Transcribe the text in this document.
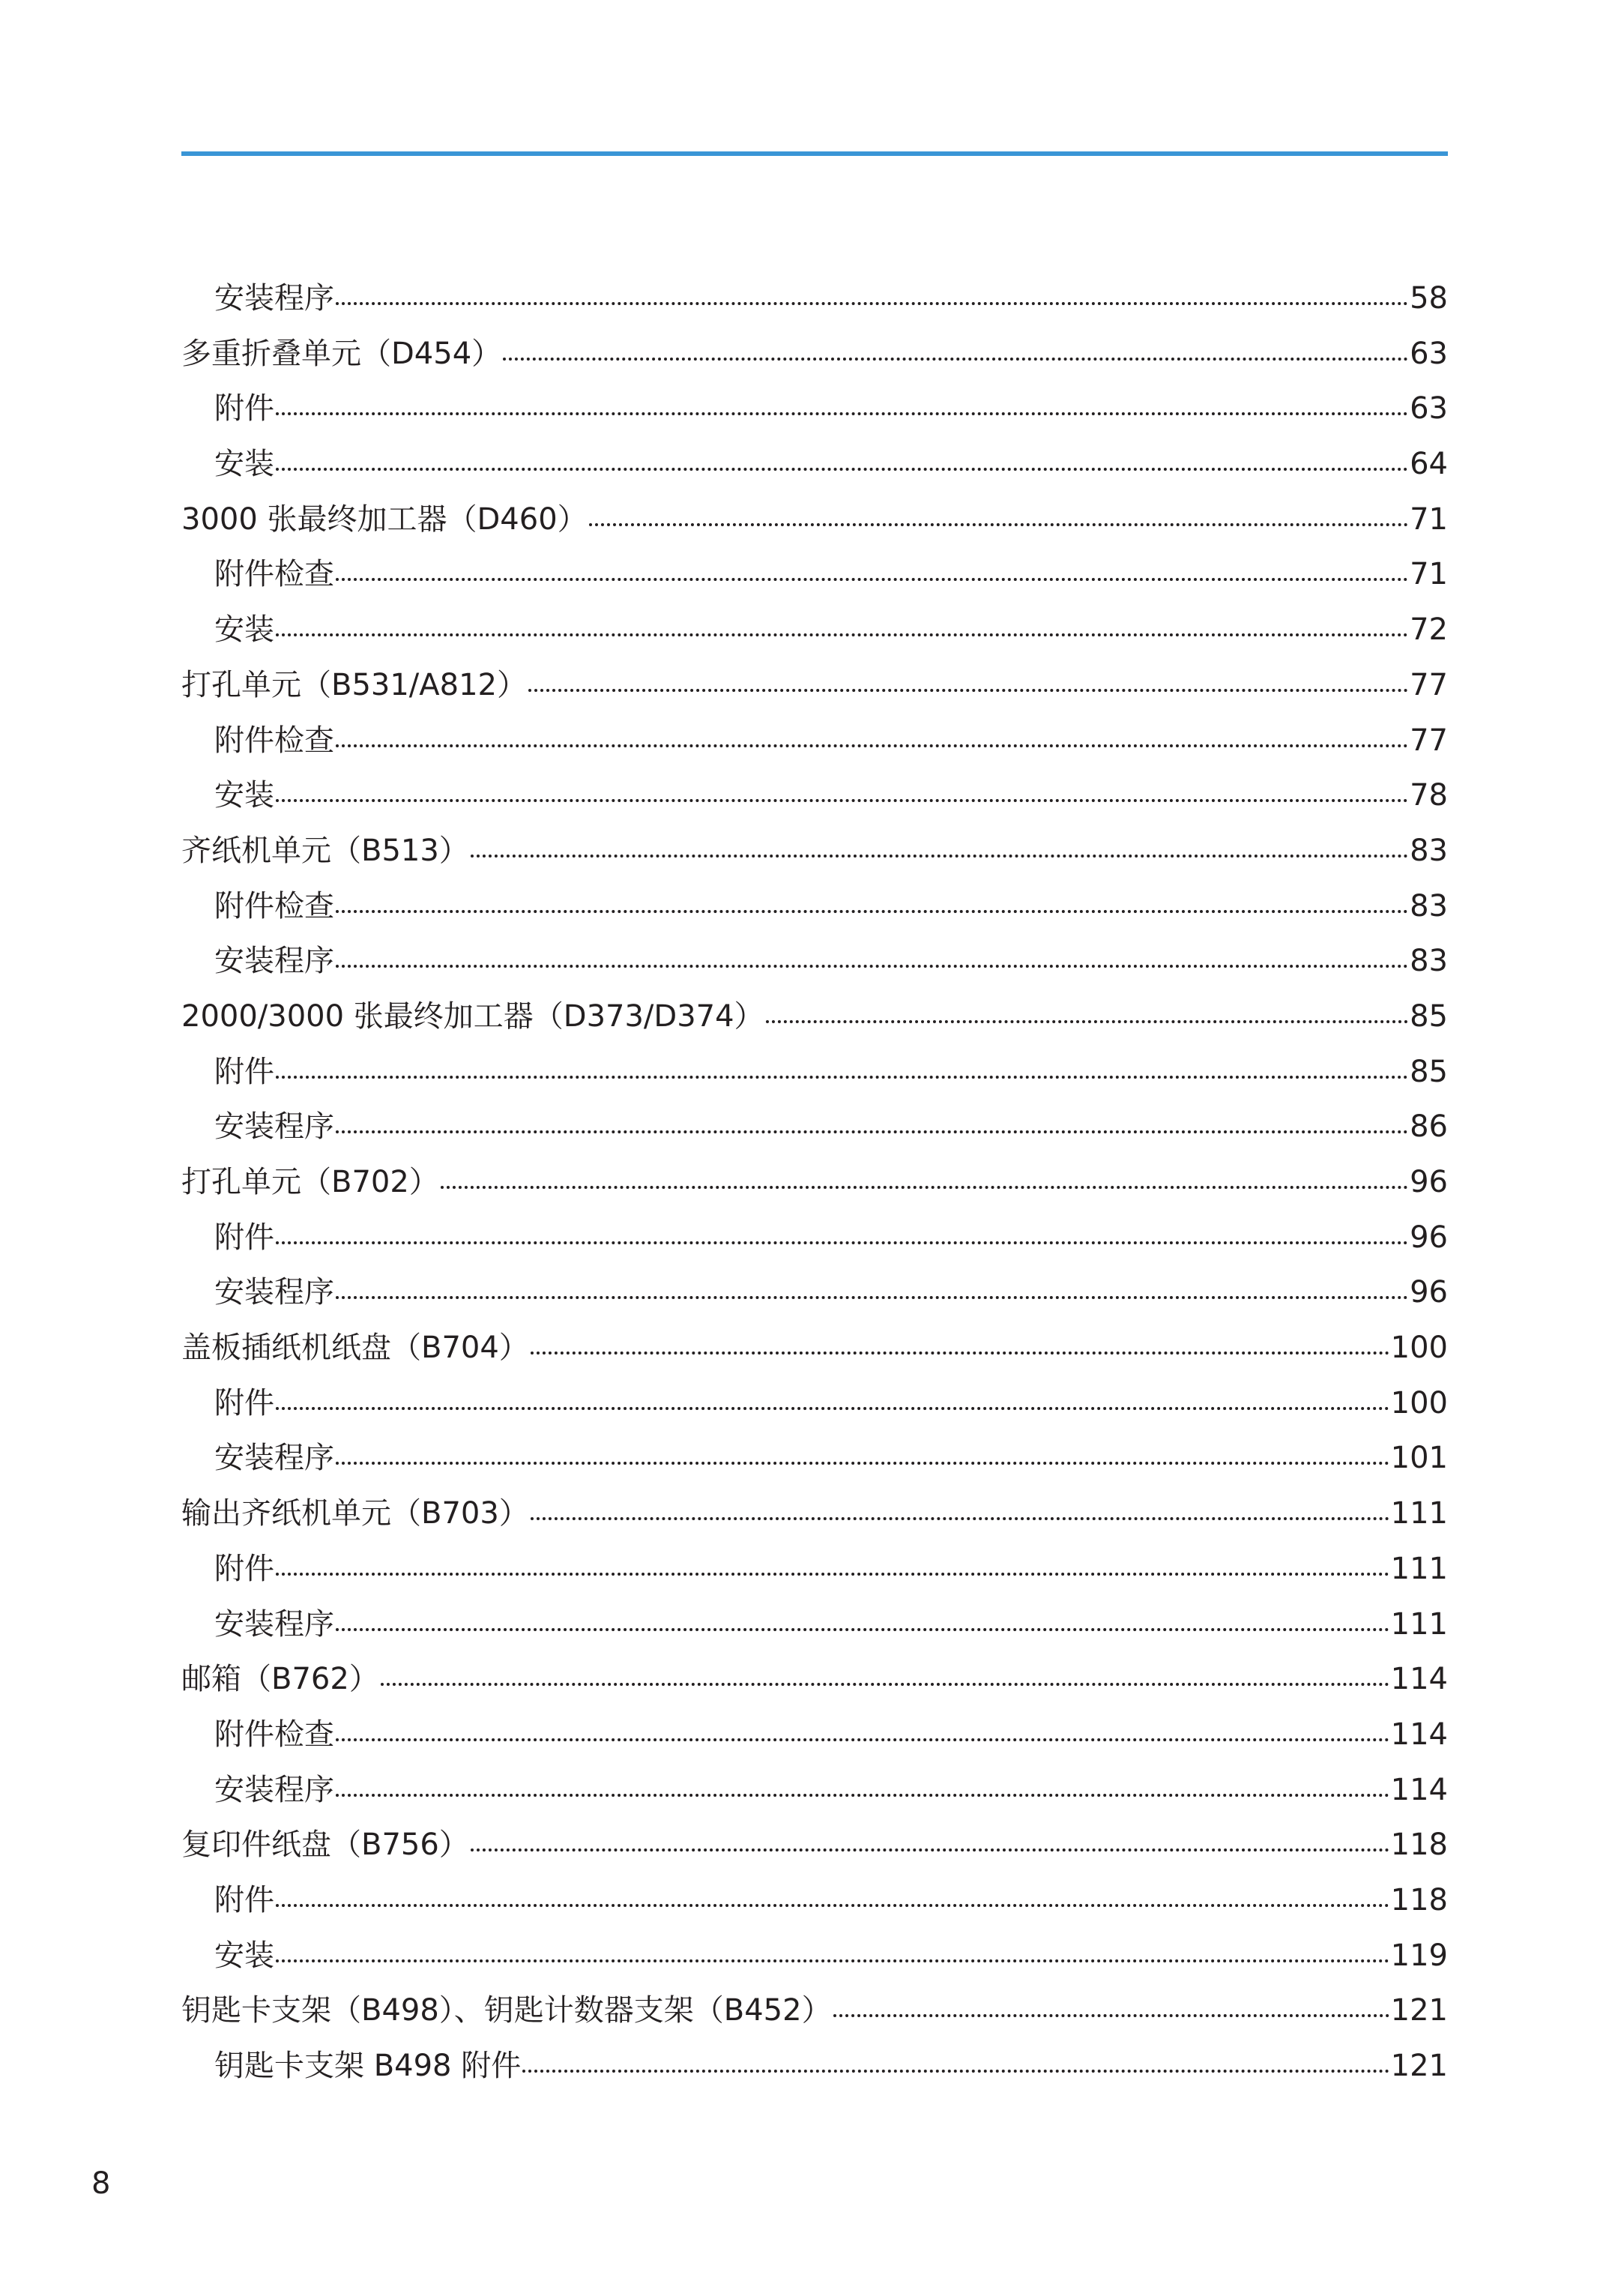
安装程序	58
多重折叠单元（D454）	63
附件	63
安装	64
3000 张最终加工器（D460）	71
附件检查	71
安装	72
打孔单元（B531/A812）	77
附件检查	77
安装	78
齐纸机单元（B513）	83
附件检查	83
安装程序	83
2000/3000 张最终加工器（D373/D374）	85
附件	85
安装程序	86
打孔单元（B702）	96
附件	96
安装程序	96
盖板插纸机纸盘（B704）	100
附件	100
安装程序	101
输出齐纸机单元（B703）	111
附件	111
安装程序	111
邮箱（B762）	114
附件检查	114
安装程序	114
复印件纸盘（B756）	118
附件	118
安装	119
钥匙卡支架（B498）、钥匙计数器支架（B452）	121
钥匙卡支架 B498 附件	121
8
